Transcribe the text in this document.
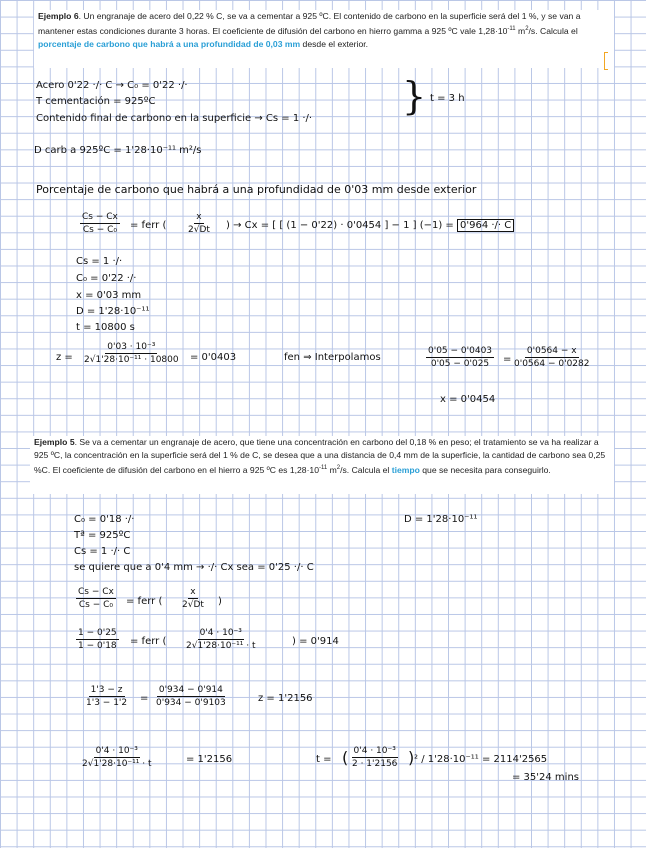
Ejemplo 6. Un engranaje de acero del 0,22 % C, se va a cementar a 925 ºC. El contenido de carbono en la superficie será del 1 %, y se van a mantener estas condiciones durante 3 horas. El coeficiente de difusión del carbono en hierro gamma a 925 ºC vale $1,28\cdot 10^{-11}$ $m^2/s$. Calcula el porcentaje de carbono que habrá a una profundidad de 0,03 mm desde el exterior.
Acero 0'22 ·/· C → C₀ = 0'22 ·/·
T cementación = 925ºC
Contenido final de carbono en la superficie → Cs = 1 ·/·
} t = 3 h
D carb a 925ºC = 1'28·10⁻¹¹ m²/s
Porcentaje de carbono que habrá a una profundidad de 0'03 mm desde exterior
$\frac{Cs - Cx}{\text{Cs − C₀}}$ = ferr ( $\frac{x}{2√Dt}$ ) → Cx = [ [ (1 − 0'22) · 0'0454 ] − 1 ] (−1) = 0'964 ·/· C
Cs = 1 ·/·
C₀ = 0'22 ·/·
x = 0'03 mm
D = 1'28·10⁻¹¹
t = 10800 s
$z = \frac{\text{0'03 · 10⁻³}}{\text{2√1'28·10⁻¹¹ · 10800}} = 0'0403$	fen ⇒ Interpolamos	$\frac{0'05 - 0'0403}{0'05 - 0'025} = \frac{0'0564 - x}{0'0564 - 0'0282}$
x = 0'0454
Ejemplo 5. Se va a cementar un engranaje de acero, que tiene una concentración en carbono del 0,18 % en peso; el tratamiento se va ha realizar a 925 ºC, la concentración en la superficie será del 1 % de C, se desea que a una distancia de 0,4 mm de la superficie, la cantidad de carbono sea 0,25 %C. El coeficiente de difusión del carbono en el hierro a 925 ºC es $1,28\cdot 10^{-11}$ $m^2/s$. Calcula el tiempo que se necesita para conseguirlo.
C₀ = 0'18 ·/·
Tª = 925ºC
Cs = 1 ·/· C
se quiere que a 0'4 mm → ·/· Cx sea = 0'25 ·/· C
D = 1'28·10⁻¹¹
$\frac{Cs - Cx}{\text{Cs − C₀}}$ = ferr ( $\frac{x}{2√Dt}$ )
$\frac{1 - 0'25}{1 - 0'18}$ = ferr ( $\frac{\text{0'4 · 10⁻³}}{\text{2√1'28·10⁻¹¹ · t}}$	) = 0'914
$\frac{1'3 - z}{1'3 - 1'2} = \frac{0'934 - 0'914}{0'934 - 0'9103}$	z = 1'2156
$\frac{\text{0'4 · 10⁻³}}{\text{2√1'28·10⁻¹¹ · t}}$	= 1'2156	t = ( $\frac{\text{0'4 · 10⁻³}}{2 \cdot 1'2156}$ ) ² / 1'28·10⁻¹¹ = 2114'2565
= 35'24 mins
